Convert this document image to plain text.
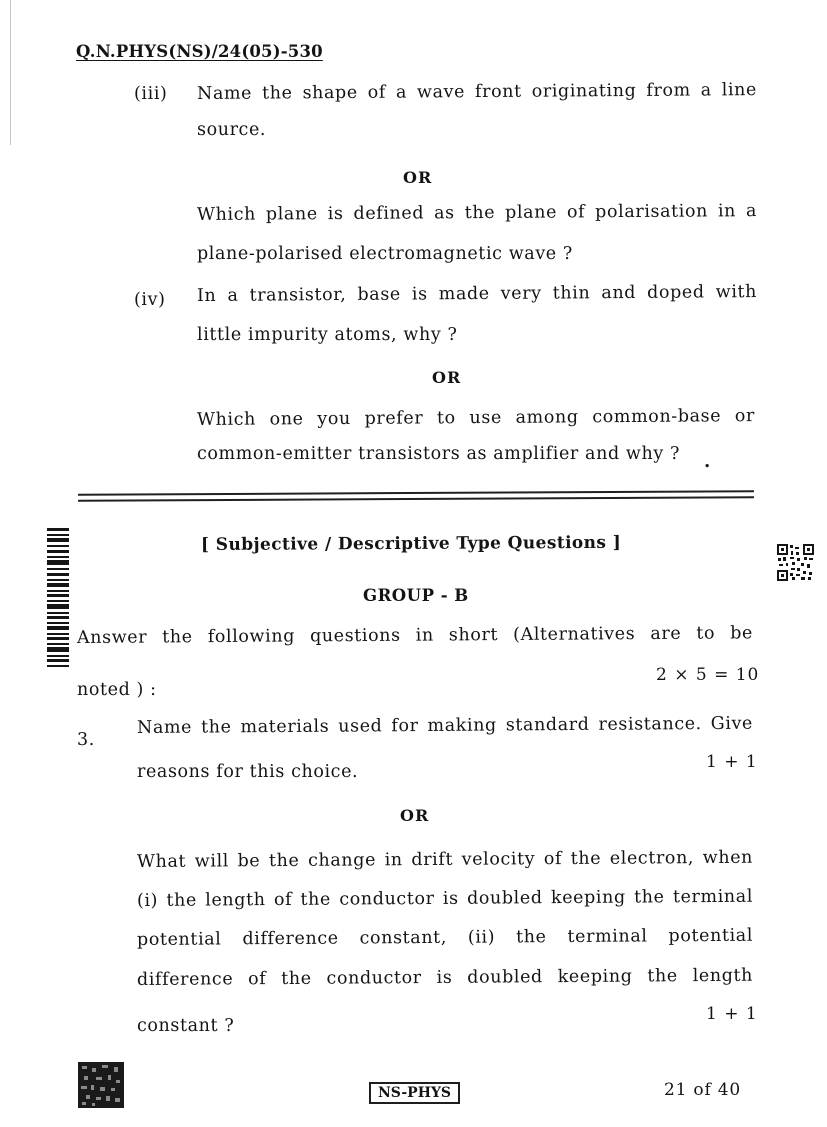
Q.N.PHYS(NS)/24(05)-530
(iii) Name the shape of a wave front originating from a line
source.
OR
Which plane is defined as the plane of polarisation in a
plane-polarised electromagnetic wave ?
(iv) In a transistor, base is made very thin and doped with
little impurity atoms, why ?
OR
Which one you prefer to use among common-base or
common-emitter transistors as amplifier and why ? .
[ Subjective / Descriptive Type Questions ]
GROUP - B
Answer the following questions in short (Alternatives are to be
2 × 5 = 10
noted ) :
3.
Name the materials used for making standard resistance. Give
1 + 1
reasons for this choice.
OR
What will be the change in drift velocity of the electron, when
(i) the length of the conductor is doubled keeping the terminal
potential difference constant, (ii) the terminal potential
difference of the conductor is doubled keeping the length
1 + 1
constant ?
NS-PHYS	21 of 40
